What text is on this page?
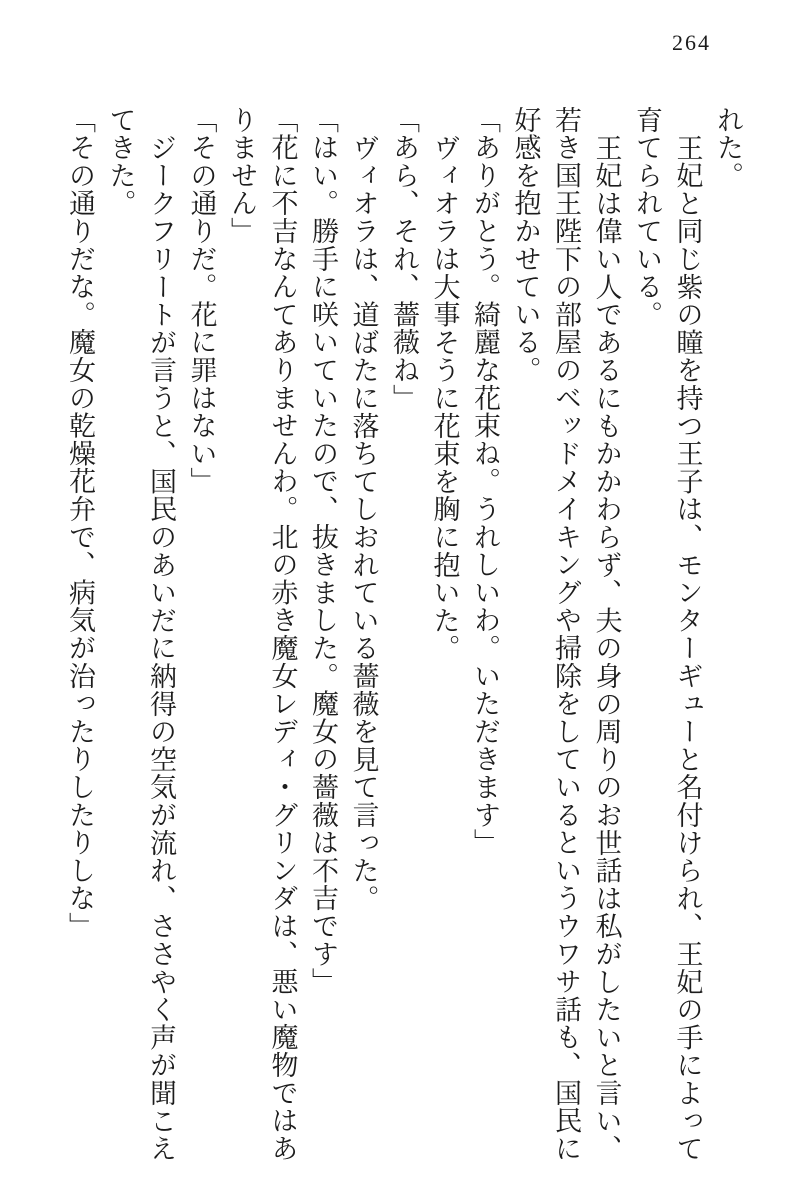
264
れた。
王妃と同じ紫の瞳を持つ王子は、モンターギューと名付けられ、王妃の手によって
育てられている。
王妃は偉い人であるにもかかわらず、夫の身の周りのお世話は私がしたいと言い、
若き国王陛下の部屋のベッドメイキングや掃除をしているというウワサ話も、国民に
好感を抱かせている。
「ありがとう。綺麗な花束ね。うれしいわ。いただきます」
ヴィオラは大事そうに花束を胸に抱いた。
「あら、それ、薔薇ね」
ヴィオラは、道ばたに落ちてしおれている薔薇を見て言った。
「はい。勝手に咲いていたので、抜きました。魔女の薔薇は不吉です」
「花に不吉なんてありませんわ。北の赤き魔女レディ・グリンダは、悪い魔物ではあ
りません」
「その通りだ。花に罪はない」
ジークフリートが言うと、国民のあいだに納得の空気が流れ、ささやく声が聞こえ
てきた。
「その通りだな。魔女の乾燥花弁で、病気が治ったりしたりしな」
